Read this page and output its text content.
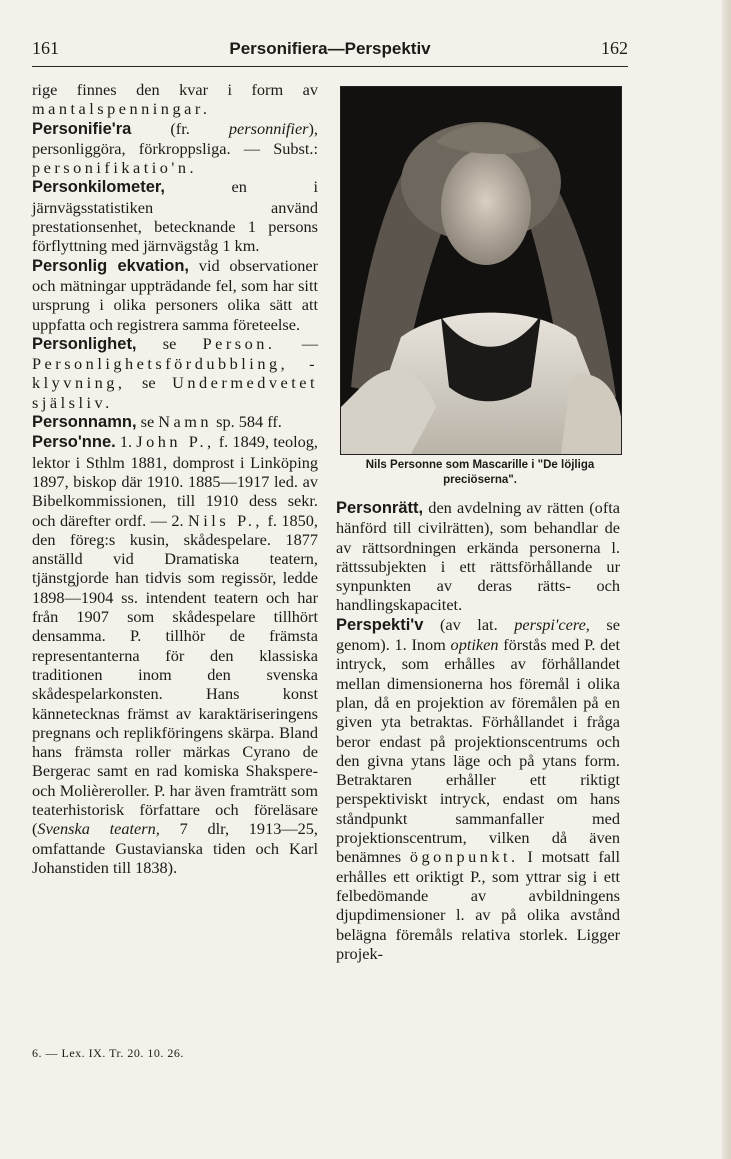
161	Personifiera—Perspektiv	162

rige finnes den kvar i form av mantalspenningar.

Personifie'ra (fr. personnifier), personliggöra, förkroppsliga. — Subst.: personifikatio'n.

Personkilometer, en i järnvägsstatistiken använd prestationsenhet, betecknande 1 persons förflyttning med järnvägståg 1 km.

Personlig ekvation, vid observationer och mätningar uppträdande fel, som har sitt ursprung i olika personers olika sätt att uppfatta och registrera samma företeelse.

Personlighet, se Person. — Personlighetsfördubbling, -klyvning, se Undermedvetet själsliv.

Personnamn, se Namn sp. 584 ff.

Perso'nne. 1. John P., f. 1849, teolog, lektor i Sthlm 1881, domprost i Linköping 1897, biskop där 1910. 1885—1917 led. av Bibelkommissionen, till 1910 dess sekr. och därefter ordf. — 2. Nils P., f. 1850, den föreg:s kusin, skådespelare. 1877 anställd vid Dramatiska teatern, tjänstgjorde han tidvis som regissör, ledde 1898—1904 ss. intendent teatern och har från 1907 som skådespelare tillhört densamma. P. tillhör de främsta representanterna för den klassiska traditionen inom den svenska skådespelarkonsten. Hans konst kännetecknas främst av karaktäriseringens pregnans och replikföringens skärpa. Bland hans främsta roller märkas Cyrano de Bergerac samt en rad komiska Shakspere- och Molièreroller. P. har även framträtt som teaterhistorisk författare och föreläsare (Svenska teatern, 7 dlr, 1913—25, omfattande Gustavianska tiden och Karl Johanstiden till 1838).

Nils Personne som Mascarille i "De löjliga preciöserna".

Personrätt, den avdelning av rätten (ofta hänförd till civilrätten), som behandlar de av rättsordningen erkända personerna l. rättssubjekten i ett rättsförhållande ur synpunkten av deras rätts- och handlingskapacitet.

Perspekti'v (av lat. perspi'cere, se genom). 1. Inom optiken förstås med P. det intryck, som erhålles av förhållandet mellan dimensionerna hos föremål i olika plan, då en projektion av föremålen på en given yta betraktas. Förhållandet i fråga beror endast på projektionscentrums och den givna ytans läge och på ytans form. Betraktaren erhåller ett riktigt perspektiviskt intryck, endast om hans ståndpunkt sammanfaller med projektionscentrum, vilken då även benämnes ögonpunkt. I motsatt fall erhålles ett oriktigt P., som yttrar sig i ett felbedömande av avbildningens djupdimensioner l. av på olika avstånd belägna föremåls relativa storlek. Ligger projek-

6. — Lex. IX. Tr. 20. 10. 26.
